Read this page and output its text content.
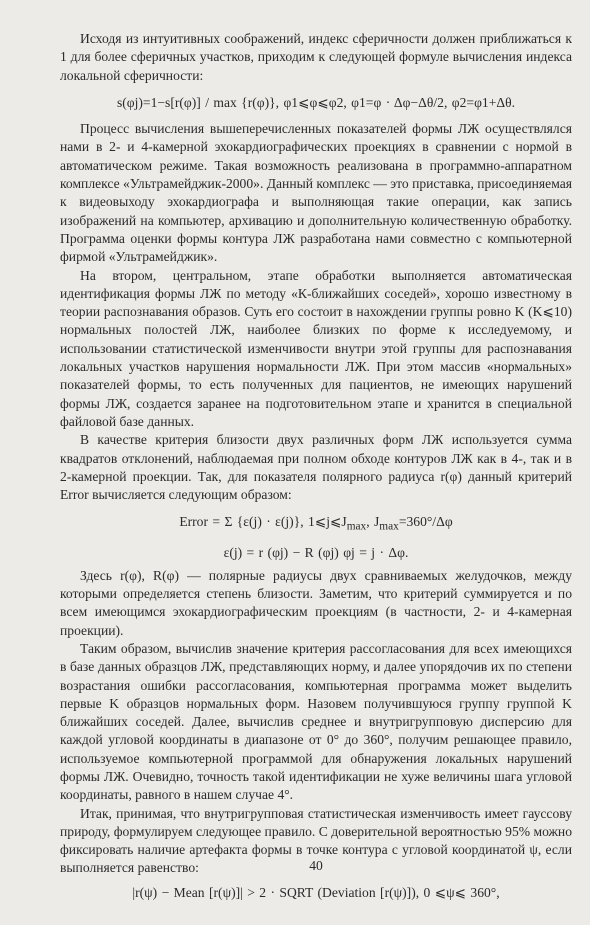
Исходя из интуитивных соображений, индекс сферичности должен приближаться к 1 для более сферичных участков, приходим к следующей формуле вычисления индекса локальной сферичности:

s(φj)=1−s[r(φ)] / max {r(φ)}, φ1⩽φ⩽φ2, φ1=φ · Δφ−Δθ/2, φ2=φ1+Δθ.

Процесс вычисления вышеперечисленных показателей формы ЛЖ осуществлялся нами в 2- и 4-камерной эхокардиографических проекциях в сравнении с нормой в автоматическом режиме. Такая возможность реализована в программно-аппаратном комплексе «Ультрамейджик-2000». Данный комплекс — это приставка, присоединяемая к видеовыходу эхокардиографа и выполняющая такие операции, как запись изображений на компьютер, архивацию и дополнительную количественную обработку. Программа оценки формы контура ЛЖ разработана нами совместно с компьютерной фирмой «Ультрамейджик».

На втором, центральном, этапе обработки выполняется автоматическая идентификация формы ЛЖ по методу «К-ближайших соседей», хорошо известному в теории распознавания образов. Суть его состоит в нахождении группы ровно K (K⩽10) нормальных полостей ЛЖ, наиболее близких по форме к исследуемому, и использовании статистической изменчивости внутри этой группы для распознавания локальных участков нарушения нормальности ЛЖ. При этом массив «нормальных» показателей формы, то есть полученных для пациентов, не имеющих нарушений формы ЛЖ, создается заранее на подготовительном этапе и хранится в специальной файловой базе данных.

В качестве критерия близости двух различных форм ЛЖ используется сумма квадратов отклонений, наблюдаемая при полном обходе контуров ЛЖ как в 4-, так и в 2-камерной проекции. Так, для показателя полярного радиуса r(φ) данный критерий Error вычисляется следующим образом:

Error = Σ {ε(j) · ε(j)}, $1⩽j⩽J_{max}$, $J_{max}=360^\circ/\Delta\varphi$
ε(j) = r (φj) − R (φj) φj = j · Δφ.

Здесь r(φ), R(φ) — полярные радиусы двух сравниваемых желудочков, между которыми определяется степень близости. Заметим, что критерий суммируется и по всем имеющимся эхокардиографическим проекциям (в частности, 2- и 4-камерная проекции).

Таким образом, вычислив значение критерия рассогласования для всех имеющихся в базе данных образцов ЛЖ, представляющих норму, и далее упорядочив их по степени возрастания ошибки рассогласования, компьютерная программа может выделить первые K образцов нормальных форм. Назовем получившуюся группу группой K ближайших соседей. Далее, вычислив среднее и внутригрупповую дисперсию для каждой угловой координаты в диапазоне от 0° до 360°, получим решающее правило, используемое компьютерной программой для обнаружения локальных нарушений формы ЛЖ. Очевидно, точность такой идентификации не хуже величины шага угловой координаты, равного в нашем случае 4°.

Итак, принимая, что внутригрупповая статистическая изменчивость имеет гауссову природу, формулируем следующее правило. С доверительной вероятностью 95% можно фиксировать наличие артефакта формы в точке контура с угловой координатой ψ, если выполняется равенство:

|r(ψ) − Mean [r(ψ)]| > 2 · SQRT (Deviation [r(ψ)]), 0 ⩽ψ⩽ 360°,
40
